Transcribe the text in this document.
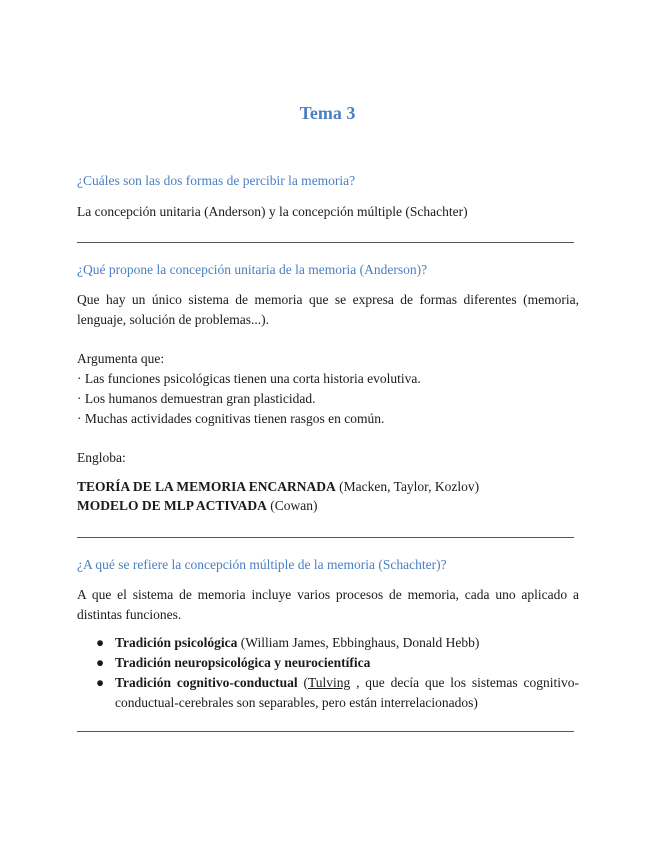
Tema 3
¿Cuáles son las dos formas de percibir la memoria?
La concepción unitaria (Anderson) y la concepción múltiple (Schachter)
¿Qué propone la concepción unitaria de la memoria (Anderson)?
Que hay un único sistema de memoria que se expresa de formas diferentes (memoria, lenguaje, solución de problemas...).
Argumenta que:
· Las funciones psicológicas tienen una corta historia evolutiva.
· Los humanos demuestran gran plasticidad.
· Muchas actividades cognitivas tienen rasgos en común.
Engloba:
TEORÍA DE LA MEMORIA ENCARNADA (Macken, Taylor, Kozlov)
MODELO DE MLP ACTIVADA (Cowan)
¿A qué se refiere la concepción múltiple de la memoria (Schachter)?
A que el sistema de memoria incluye varios procesos de memoria, cada uno aplicado a distintas funciones.
● Tradición psicológica (William James, Ebbinghaus, Donald Hebb)
● Tradición neuropsicológica y neurocientífica
● Tradición cognitivo-conductual (Tulving , que decía que los sistemas cognitivo-conductual-cerebrales son separables, pero están interrelacionados)
